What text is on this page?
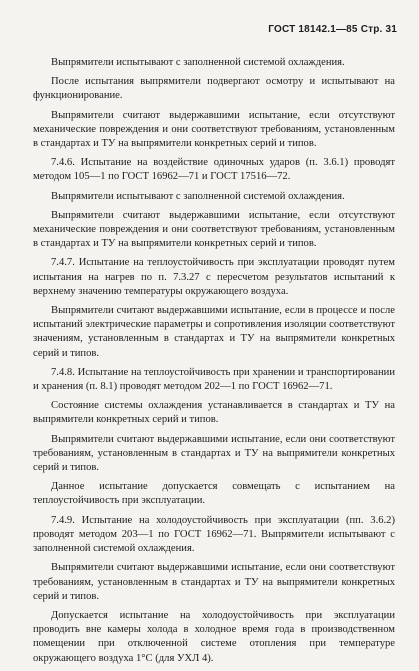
ГОСТ 18142.1—85 Стр. 31

Выпрямители испытывают с заполненной системой охлаждения.

После испытания выпрямители подвергают осмотру и испытывают на функционирование.

Выпрямители считают выдержавшими испытание, если отсутствуют механические повреждения и они соответствуют требованиям, установленным в стандартах и ТУ на выпрямители конкретных серий и типов.

7.4.6. Испытание на воздействие одиночных ударов (п. 3.6.1) проводят методом 105—1 по ГОСТ 16962—71 и ГОСТ 17516—72.

Выпрямители испытывают с заполненной системой охлаждения.

Выпрямители считают выдержавшими испытание, если отсутствуют механические повреждения и они соответствуют требованиям, установленным в стандартах и ТУ на выпрямители конкретных серий и типов.

7.4.7. Испытание на теплоустойчивость при эксплуатации проводят путем испытания на нагрев по п. 7.3.27 с пересчетом результатов испытаний к верхнему значению температуры окружающего воздуха.

Выпрямители считают выдержавшими испытание, если в процессе и после испытаний электрические параметры и сопротивления изоляции соответствуют значениям, установленным в стандартах и ТУ на выпрямители конкретных серий и типов.

7.4.8. Испытание на теплоустойчивость при хранении и транспортировании и хранения (п. 8.1) проводят методом 202—1 по ГОСТ 16962—71.

Состояние системы охлаждения устанавливается в стандартах и ТУ на выпрямители конкретных серий и типов.

Выпрямители считают выдержавшими испытание, если они соответствуют требованиям, установленным в стандартах и ТУ на выпрямители конкретных серий и типов.

Данное испытание допускается совмещать с испытанием на теплоустойчивость при эксплуатации.

7.4.9. Испытание на холодоустойчивость при эксплуатации (пп. 3.6.2) проводят методом 203—1 по ГОСТ 16962—71. Выпрямители испытывают с заполненной системой охлаждения.

Выпрямители считают выдержавшими испытание, если они соответствуют требованиям, установленным в стандартах и ТУ на выпрямители конкретных серий и типов.

Допускается испытание на холодоустойчивость при эксплуатации проводить вне камеры холода в холодное время года в производственном помещении при отключенной системе отопления при температуре окружающего воздуха 1°С (для УХЛ 4).
